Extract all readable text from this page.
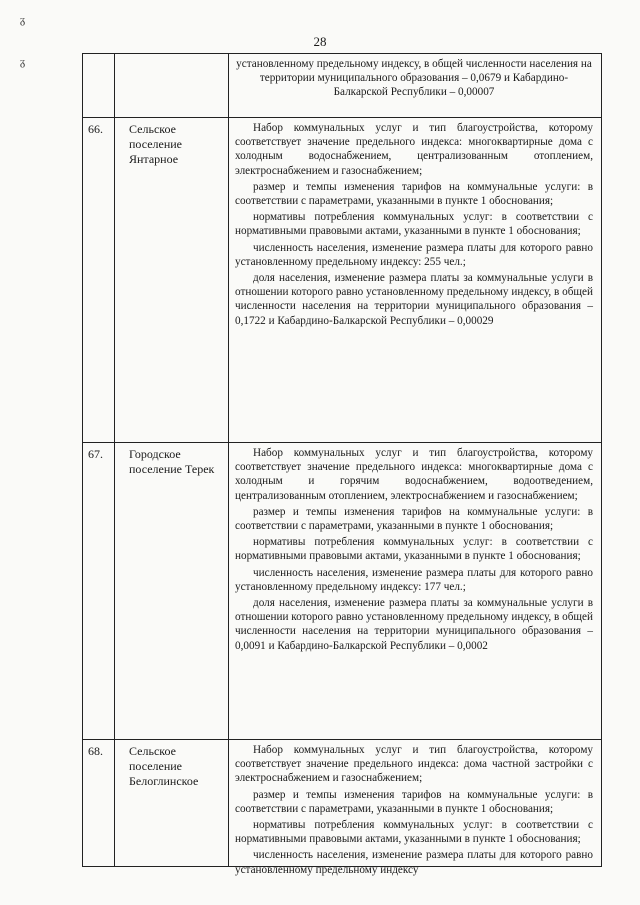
28
ᵹ
ᵹ	установленному предельному индексу, в общей численности населения на территории муниципального образования – 0,0679 и Кабардино-Балкарской Республики – 0,00007

66.	Сельское поселение Янтарное

Набор коммунальных услуг и тип благоустройства, которому соответствует значение предельного индекса: многоквартирные дома с холодным водоснабжением, централизованным отоплением, электроснабжением и газоснабжением;

размер и темпы изменения тарифов на коммунальные услуги: в соответствии с параметрами, указанными в пункте 1 обоснования;

нормативы потребления коммунальных услуг: в соответствии с нормативными правовыми актами, указанными в пункте 1 обоснования;

численность населения, изменение размера платы для которого равно установленному предельному индексу: 255 чел.;

доля населения, изменение размера платы за коммунальные услуги в отношении которого равно установленному предельному индексу, в общей численности населения на территории муниципального образования – 0,1722 и Кабардино-Балкарской Республики – 0,00029

67.	Городское поселение Терек

Набор коммунальных услуг и тип благоустройства, которому соответствует значение предельного индекса: многоквартирные дома с холодным и горячим водоснабжением, водоотведением, централизованным отоплением, электроснабжением и газоснабжением;

размер и темпы изменения тарифов на коммунальные услуги: в соответствии с параметрами, указанными в пункте 1 обоснования;

нормативы потребления коммунальных услуг: в соответствии с нормативными правовыми актами, указанными в пункте 1 обоснования;

численность населения, изменение размера платы для которого равно установленному предельному индексу: 177 чел.;

доля населения, изменение размера платы за коммунальные услуги в отношении которого равно установленному предельному индексу, в общей численности населения на территории муниципального образования – 0,0091 и Кабардино-Балкарской Республики – 0,0002

68.	Сельское поселение Белоглинское

Набор коммунальных услуг и тип благоустройства, которому соответствует значение предельного индекса: дома частной застройки с электроснабжением и газоснабжением;

размер и темпы изменения тарифов на коммунальные услуги: в соответствии с параметрами, указанными в пункте 1 обоснования;

нормативы потребления коммунальных услуг: в соответствии с нормативными правовыми актами, указанными в пункте 1 обоснования;

численность населения, изменение размера платы для которого равно установленному предельному индексу
